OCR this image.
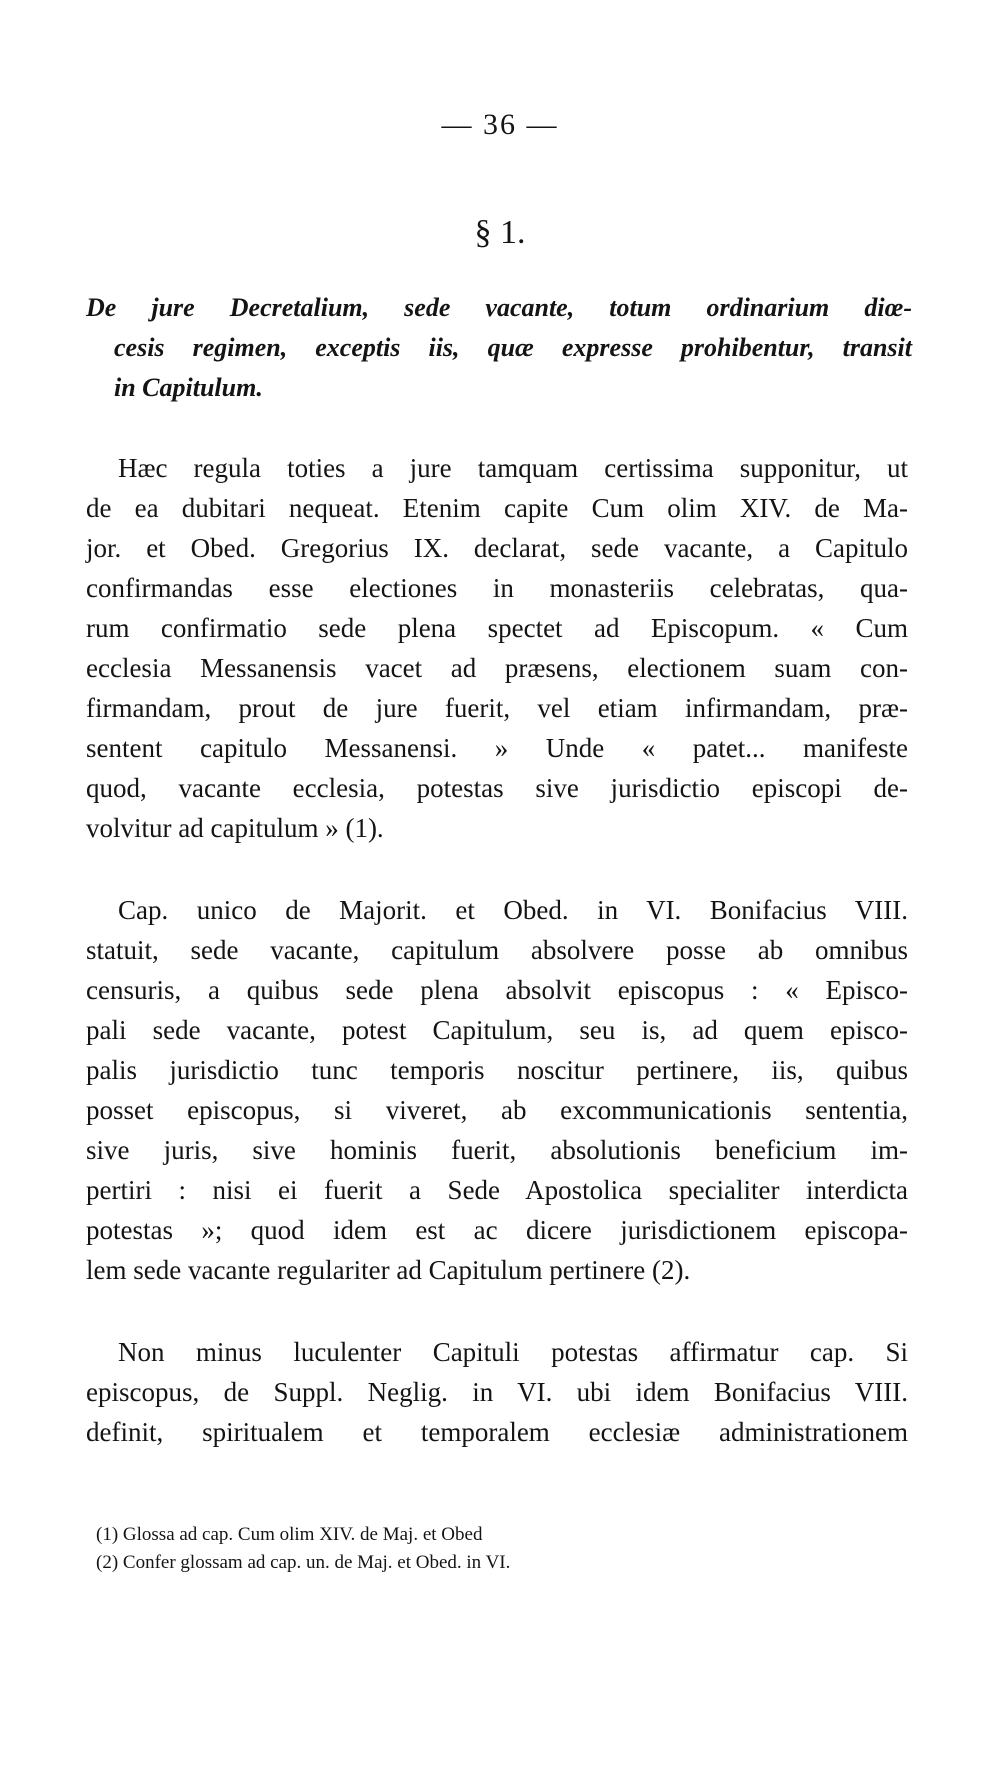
— 36 —
§ 1.
De jure Decretalium, sede vacante, totum ordinarium diœ-
cesis regimen, exceptis iis, quæ expresse prohibentur, transit
in Capitulum.
Hæc regula toties a jure tamquam certissima supponitur, ut
de ea dubitari nequeat. Etenim capite Cum olim XIV. de Ma-
jor. et Obed. Gregorius IX. declarat, sede vacante, a Capitulo
confirmandas esse electiones in monasteriis celebratas, qua-
rum confirmatio sede plena spectet ad Episcopum. « Cum
ecclesia Messanensis vacet ad præsens, electionem suam con-
firmandam, prout de jure fuerit, vel etiam infirmandam, præ-
sentent capitulo Messanensi. » Unde « patet... manifeste
quod, vacante ecclesia, potestas sive jurisdictio episcopi de-
volvitur ad capitulum » (1).
Cap. unico de Majorit. et Obed. in VI. Bonifacius VIII.
statuit, sede vacante, capitulum absolvere posse ab omnibus
censuris, a quibus sede plena absolvit episcopus : « Episco-
pali sede vacante, potest Capitulum, seu is, ad quem episco-
palis jurisdictio tunc temporis noscitur pertinere, iis, quibus
posset episcopus, si viveret, ab excommunicationis sententia,
sive juris, sive hominis fuerit, absolutionis beneficium im-
pertiri : nisi ei fuerit a Sede Apostolica specialiter interdicta
potestas »; quod idem est ac dicere jurisdictionem episcopa-
lem sede vacante regulariter ad Capitulum pertinere (2).
Non minus luculenter Capituli potestas affirmatur cap. Si
episcopus, de Suppl. Neglig. in VI. ubi idem Bonifacius VIII.
definit, spiritualem et temporalem ecclesiæ administrationem
(1) Glossa ad cap. Cum olim XIV. de Maj. et Obed
(2) Confer glossam ad cap. un. de Maj. et Obed. in VI.
